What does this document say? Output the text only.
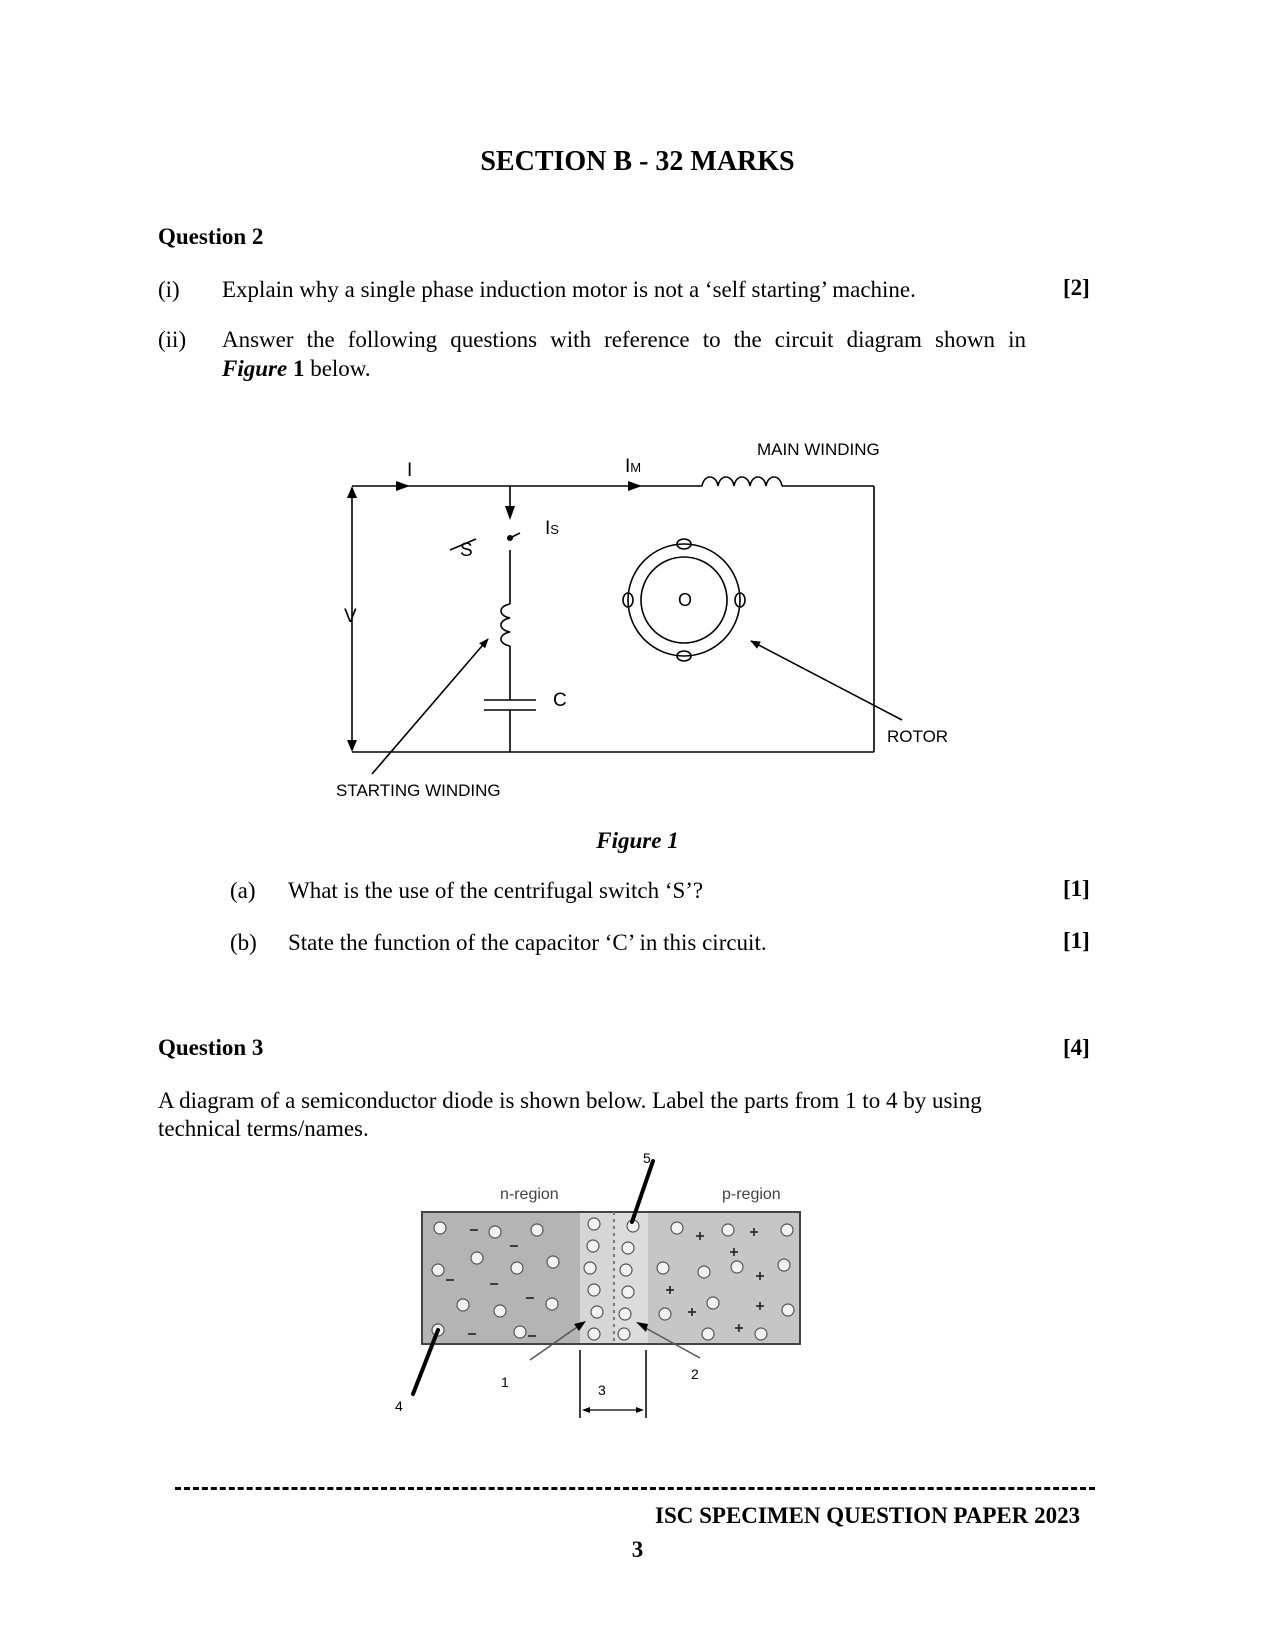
SECTION B - 32 MARKS
Question 2
(i) Explain why a single phase induction motor is not a ‘self starting’ machine.	[2]
(ii) Answer the following questions with reference to the circuit diagram shown in
Figure 1 below.
I	IM
MAIN WINDING
IS
S
V
C
O
ROTOR
STARTING WINDING
Figure 1
(a) What is the use of the centrifugal switch ‘S’?	[1]
(b) State the function of the capacitor ‘C’ in this circuit.	[1]
Question 3	[4]
A diagram of a semiconductor diode is shown below. Label the parts from 1 to 4 by using
technical terms/names.
n-region	p-region
5
1	2
3
4
ISC SPECIMEN QUESTION PAPER 2023
3
